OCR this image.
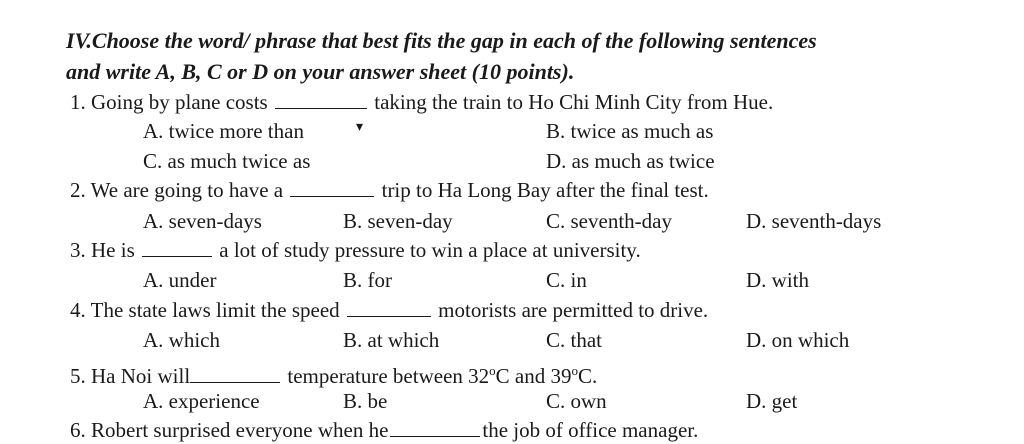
IV.Choose the word/ phrase that best fits the gap in each of the following sentences
and write A, B, C or D on your answer sheet (10 points).
1. Going by plane costs	taking the train to Ho Chi Minh City from Hue.
A. twice more than	▾	B. twice as much as
C. as much twice as	D. as much as twice
2. We are going to have a	trip to Ha Long Bay after the final test.
A. seven-days	B. seven-day	C. seventh-day	D. seventh-days
3. He is	a lot of study pressure to win a place at university.
A. under	B. for	C. in	D. with
4. The state laws limit the speed	motorists are permitted to drive.
A. which	B. at which	C. that	D. on which
5. Ha Noi will	temperature between 32$^o$C and 39$^o$C.
A. experience	B. be	C. own	D. get
6. Robert surprised everyone when he	the job of office manager.
